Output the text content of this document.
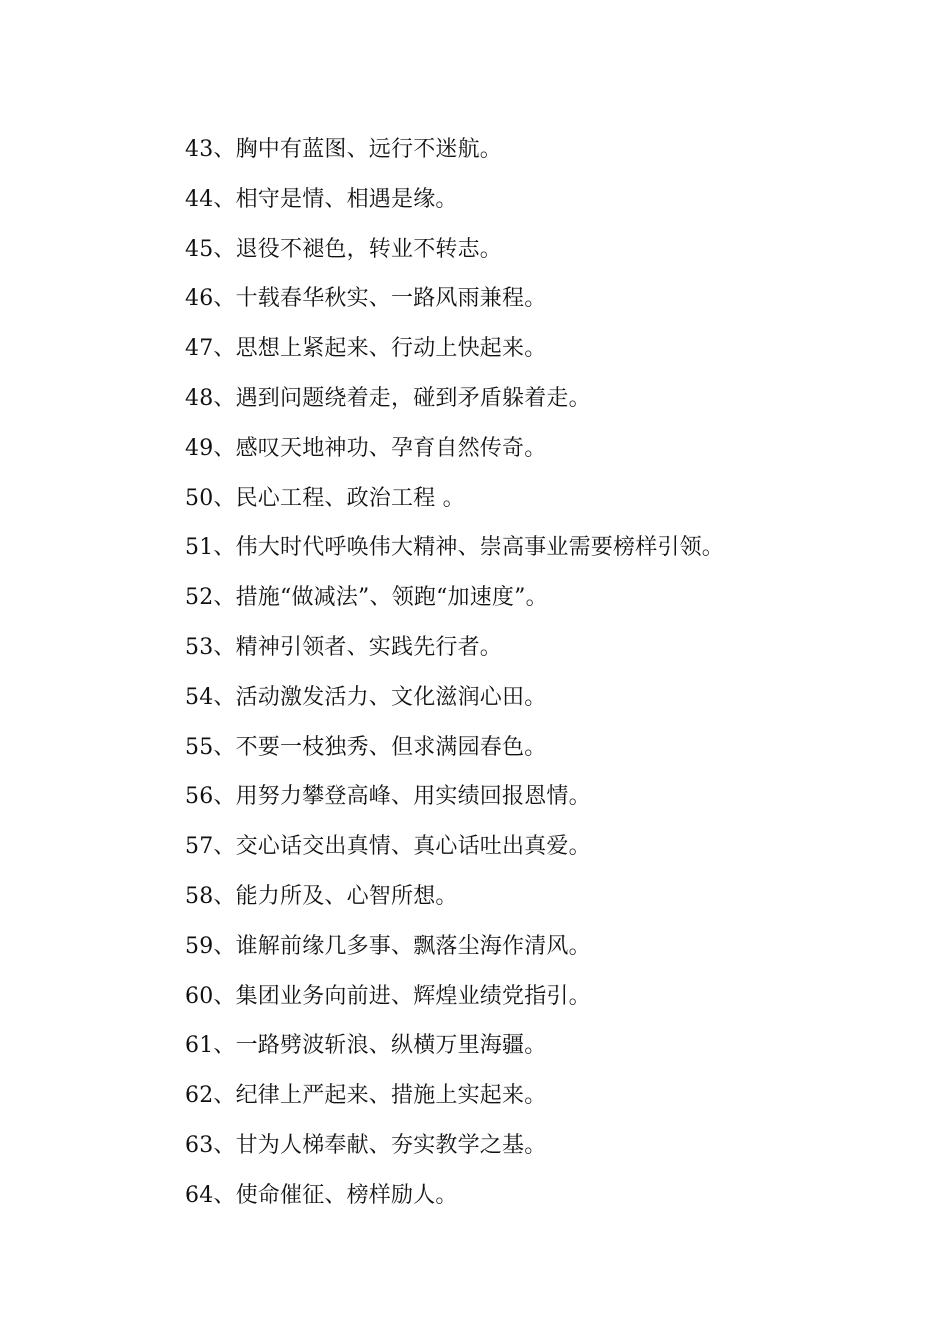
43、胸中有蓝图、远行不迷航。
44、相守是情、相遇是缘。
45、退役不褪色，转业不转志。
46、十载春华秋实、一路风雨兼程。
47、思想上紧起来、行动上快起来。
48、遇到问题绕着走，碰到矛盾躲着走。
49、感叹天地神功、孕育自然传奇。
50、民心工程、政治工程 。
51、伟大时代呼唤伟大精神、崇高事业需要榜样引领。
52、措施“做减法”、领跑“加速度”。
53、精神引领者、实践先行者。
54、活动激发活力、文化滋润心田。
55、不要一枝独秀、但求满园春色。
56、用努力攀登高峰、用实绩回报恩情。
57、交心话交出真情、真心话吐出真爱。
58、能力所及、心智所想。
59、谁解前缘几多事、飘落尘海作清风。
60、集团业务向前进、辉煌业绩党指引。
61、一路劈波斩浪、纵横万里海疆。
62、纪律上严起来、措施上实起来。
63、甘为人梯奉献、夯实教学之基。
64、使命催征、榜样励人。
